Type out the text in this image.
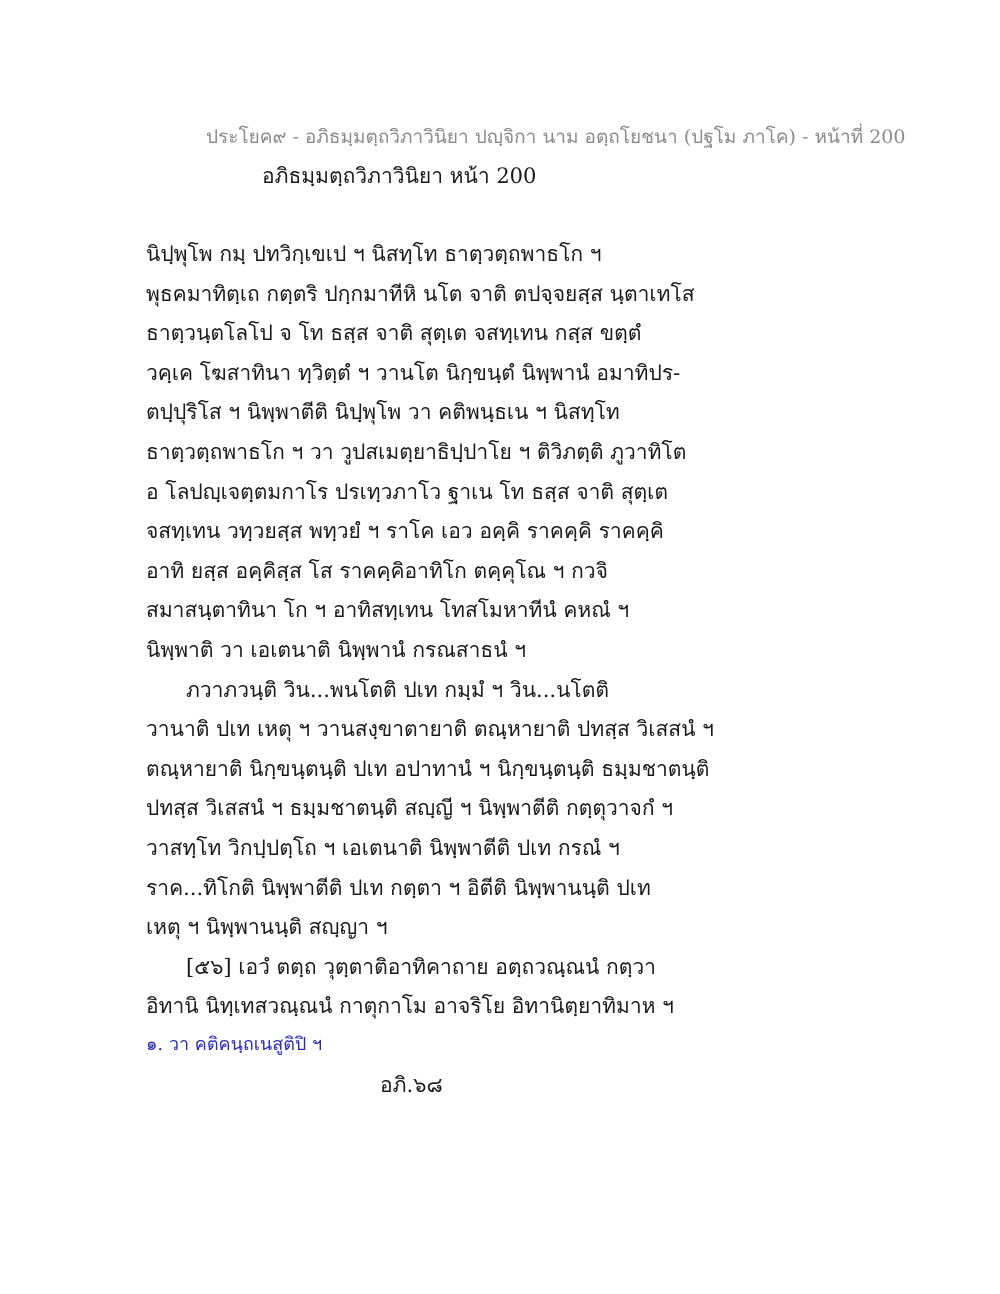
ประโยค๙ - อภิธมฺมตฺถวิภาวินิยา ปญฺจิกา นาม อตฺถโยชนา (ปฐโม ภาโค) - หน้าที่ 200
อภิธมฺมตฺถวิภาวินิยา หน้า 200
นิปฺพุโพ กมฺ ปทวิกฺเขเป ฯ นิสทฺโท ธาตฺวตฺถพาธโก ฯ
พุธคมาทิตฺเถ กตฺตริ ปกฺกมาทีหิ นโต จาติ ตปจฺจยสฺส นฺตาเทโส
ธาตฺวนฺตโลโป จ โท ธสฺส จาติ สุตฺเต จสทฺเทน กสฺส ขตฺตํ
วคฺเค โฆสาทินา ทฺวิตฺตํ ฯ วานโต นิกฺขนฺตํ นิพฺพานํ อมาทิปร-
ตปฺปุริโส ฯ นิพฺพาตีติ นิปฺพุโพ วา คติพนฺธเน ฯ นิสทฺโท
ธาตฺวตฺถพาธโก ฯ วา วูปสเมตฺยาธิปฺปาโย ฯ ติวิภตฺติ ภูวาทิโต
อ โลปญฺเจตฺตมกาโร ปรเทฺวภาโว ฐาเน โท ธสฺส จาติ สุตฺเต
จสทฺเทน วทฺวยสฺส พทฺวยํ ฯ ราโค เอว อคฺคิ ราคคฺคิ ราคคฺคิ
อาทิ ยสฺส อคฺคิสฺส โส ราคคฺคิอาทิโก ตคฺคุโณ ฯ กวจิ
สมาสนฺตาทินา โก ฯ อาทิสทฺเทน โทสโมหาทีนํ คหณํ ฯ
นิพฺพาติ วา เอเตนาติ นิพฺพานํ กรณสาธนํ ฯ
ภวาภวนฺติ วิน...พนโตติ ปเท กมฺมํ ฯ วิน...นโตติ
วานาติ ปเท เหตุ ฯ วานสงฺขาตายาติ ตณฺหายาติ ปทสฺส วิเสสนํ ฯ
ตณฺหายาติ นิกฺขนฺตนฺติ ปเท อปาทานํ ฯ นิกฺขนฺตนฺติ ธมฺมชาตนฺติ
ปทสฺส วิเสสนํ ฯ ธมฺมชาตนฺติ สญฺญี ฯ นิพฺพาตีติ กตฺตุวาจกํ ฯ
วาสทฺโท วิกปฺปตฺโถ ฯ เอเตนาติ นิพฺพาตีติ ปเท กรณํ ฯ
ราค...ทิโกติ นิพฺพาตีติ ปเท กตฺตา ฯ อิตีติ นิพฺพานนฺติ ปเท
เหตุ ฯ นิพฺพานนฺติ สญฺญา ฯ
[๕๖] เอวํ ตตฺถ วุตฺตาติอาทิคาถาย อตฺถวณฺณนํ กตฺวา
อิทานิ นิทฺเทสวณฺณนํ กาตุกาโม อาจริโย อิทานิตฺยาทิมาห ฯ
๑. วา คติคนฺถเนสูติปิ ฯ
อภิ.๖๘
